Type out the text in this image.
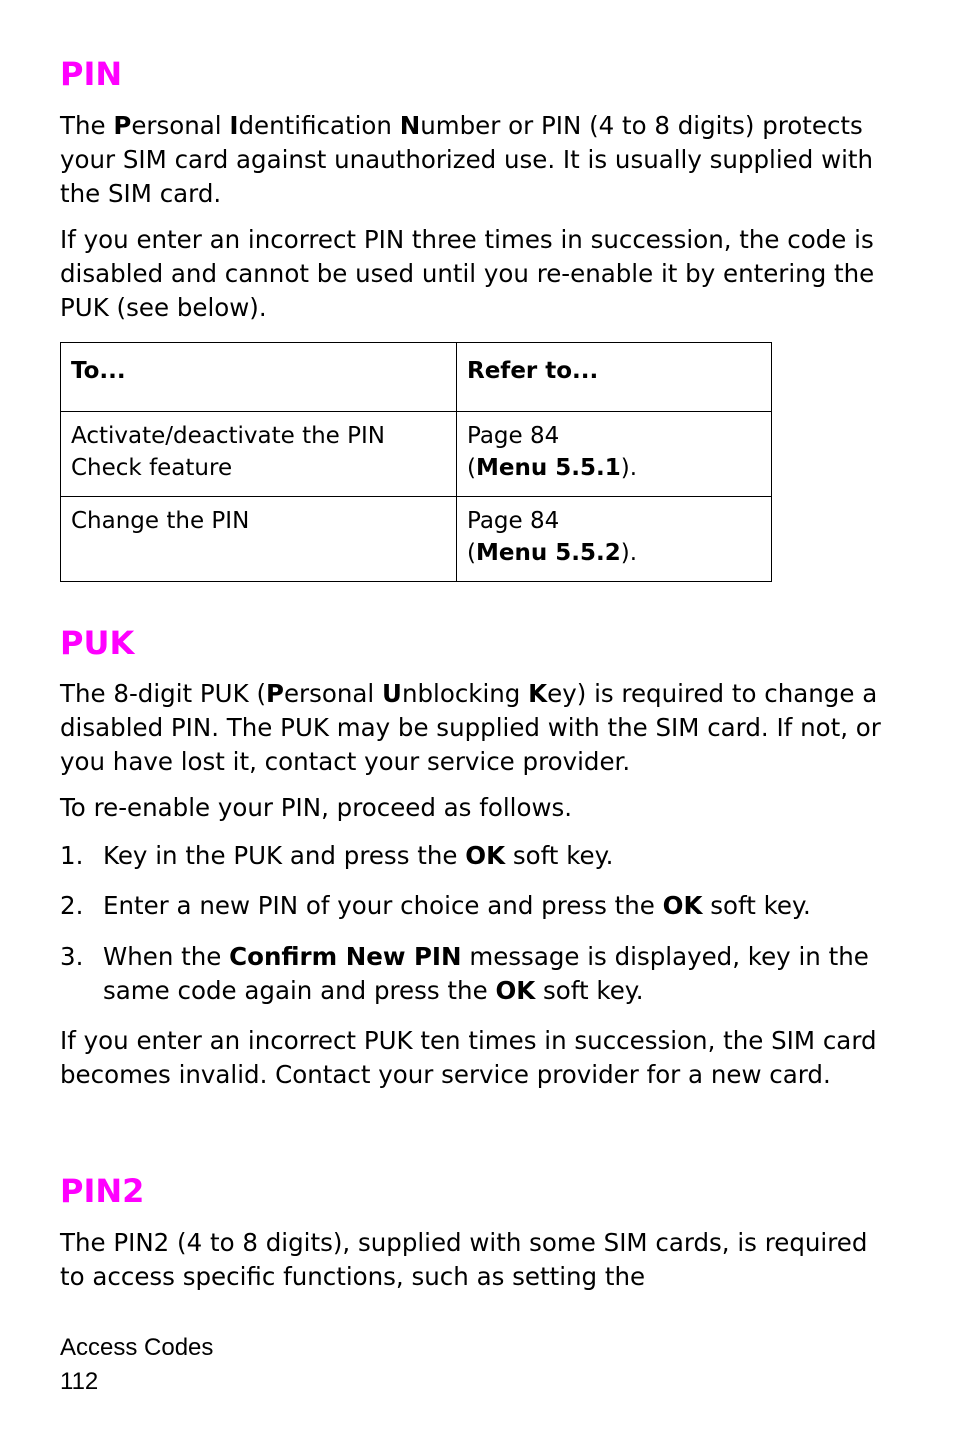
PIN

The Personal Identification Number or PIN (4 to 8 digits) protects your SIM card against unauthorized use. It is usually supplied with the SIM card.

If you enter an incorrect PIN three times in succession, the code is disabled and cannot be used until you re-enable it by entering the PUK (see below).

To...	Refer to...
Activate/deactivate the PIN Check feature	Page 84
(Menu 5.5.1).
Change the PIN	Page 84
(Menu 5.5.2).
PUK

The 8-digit PUK (Personal Unblocking Key) is required to change a disabled PIN. The PUK may be supplied with the SIM card. If not, or you have lost it, contact your service provider.

To re-enable your PIN, proceed as follows.

1. Key in the PUK and press the OK soft key.
2. Enter a new PIN of your choice and press the OK soft key.
3. When the Confirm New PIN message is displayed, key in the same code again and press the OK soft key.

If you enter an incorrect PUK ten times in succession, the SIM card becomes invalid. Contact your service provider for a new card.

PIN2

The PIN2 (4 to 8 digits), supplied with some SIM cards, is required to access specific functions, such as setting the

Access Codes
112
